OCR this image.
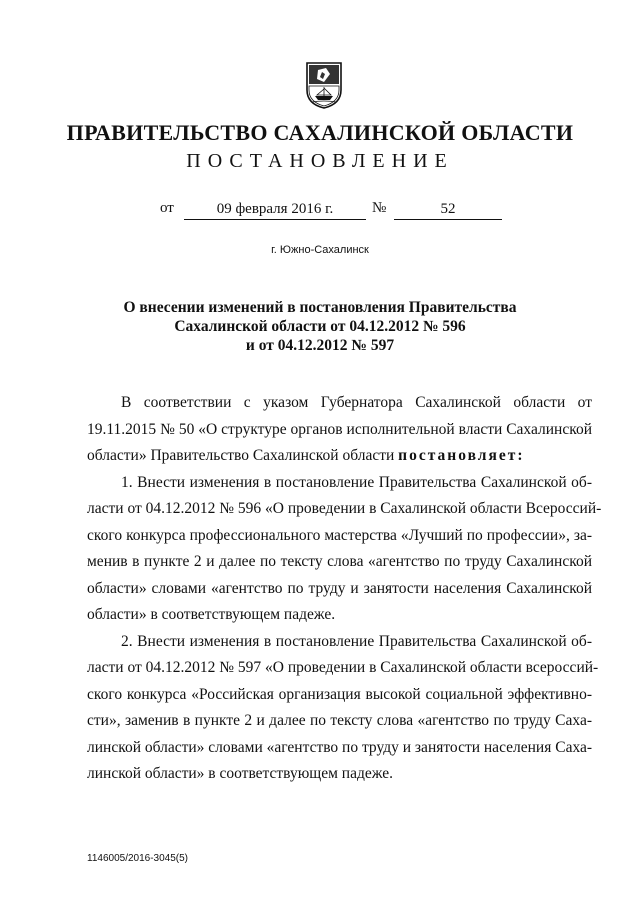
ПРАВИТЕЛЬСТВО САХАЛИНСКОЙ ОБЛАСТИ
ПОСТАНОВЛЕНИЕ
от	09 февраля 2016 г.	№	52
г. Южно-Сахалинск
О внесении изменений в постановления Правительства
Сахалинской области от 04.12.2012 № 596
и от 04.12.2012 № 597
В соответствии с указом Губернатора Сахалинской области от
19.11.2015 № 50 «О структуре органов исполнительной власти Сахалинской
области» Правительство Сахалинской области постановляет:
1. Внести изменения в постановление Правительства Сахалинской об-
ласти от 04.12.2012 № 596 «О проведении в Сахалинской области Всероссий-
ского конкурса профессионального мастерства «Лучший по профессии», за-
менив в пункте 2 и далее по тексту слова «агентство по труду Сахалинской
области» словами «агентство по труду и занятости населения Сахалинской
области» в соответствующем падеже.
2. Внести изменения в постановление Правительства Сахалинской об-
ласти от 04.12.2012 № 597 «О проведении в Сахалинской области всероссий-
ского конкурса «Российская организация высокой социальной эффективно-
сти», заменив в пункте 2 и далее по тексту слова «агентство по труду Саха-
линской области» словами «агентство по труду и занятости населения Саха-
линской области» в соответствующем падеже.
1146005/2016-3045(5)
